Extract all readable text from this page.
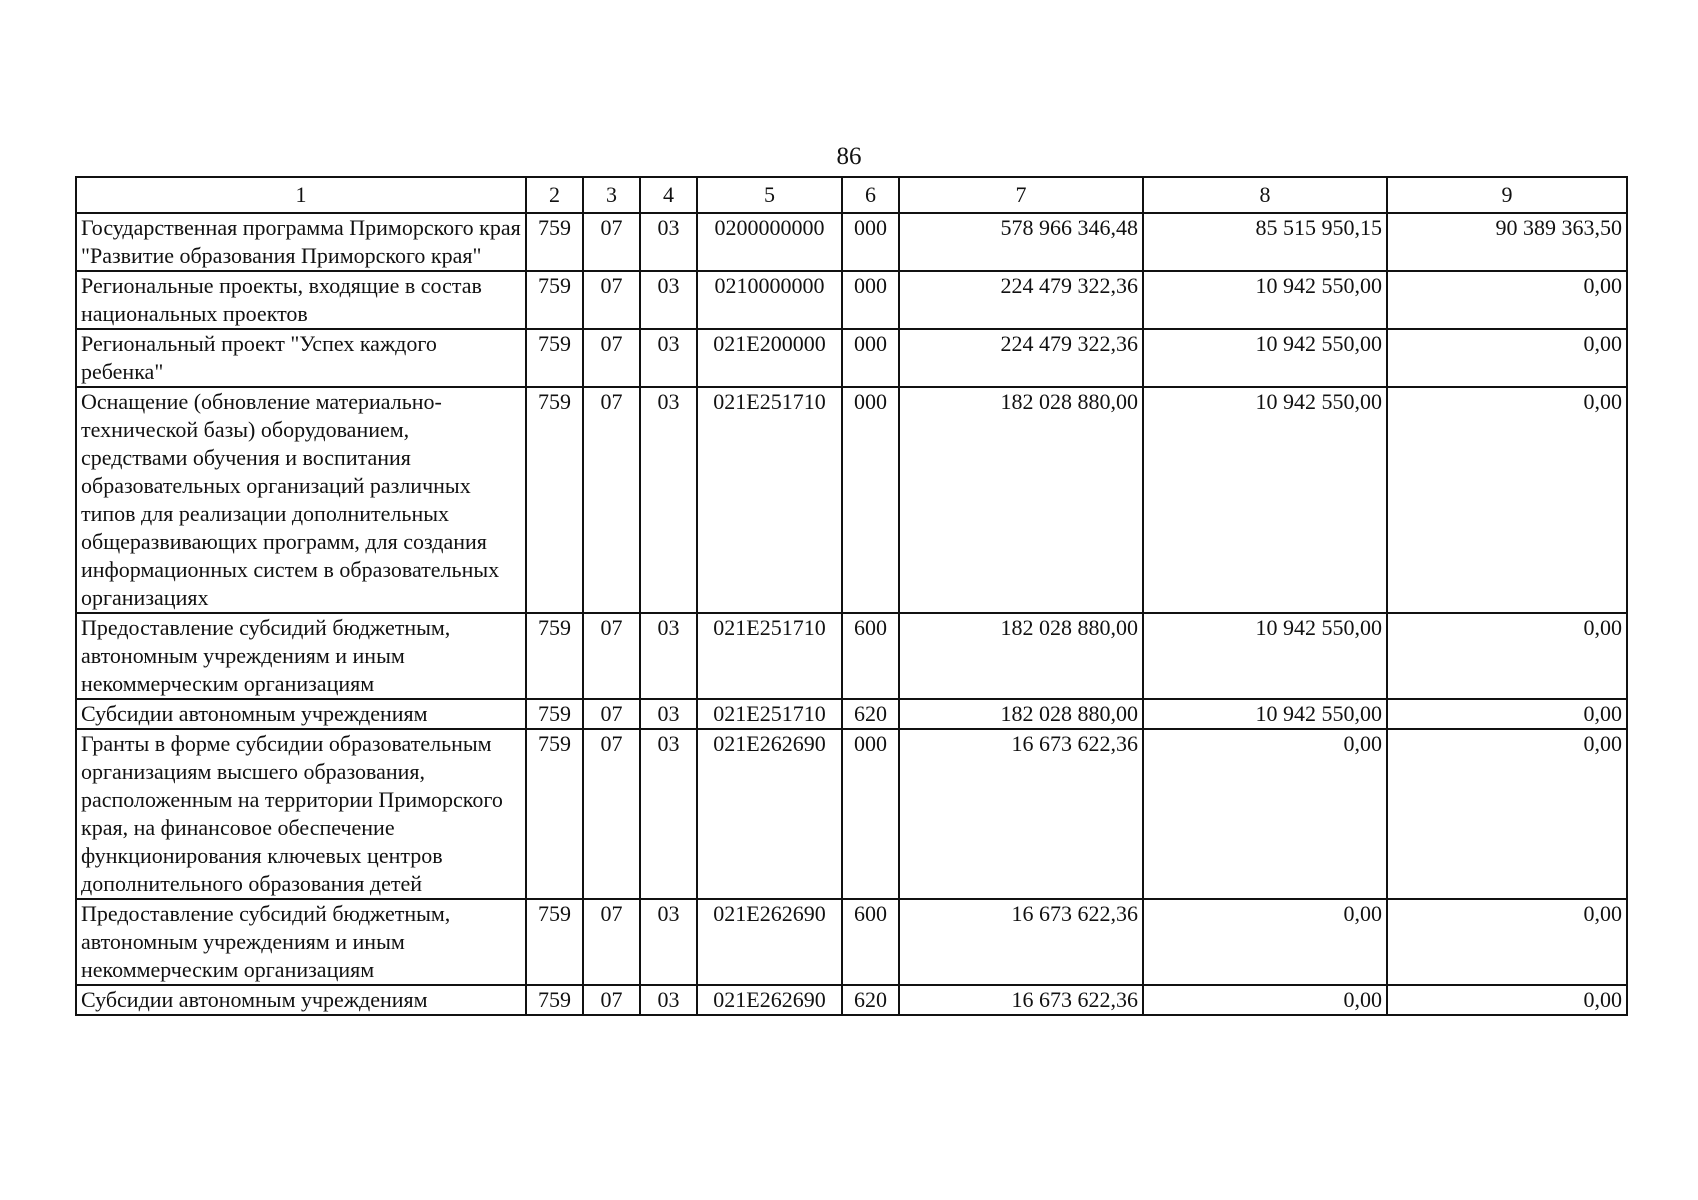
86
1	2	3	4	5	6	7	8	9
Государственная программа Приморского края "Развитие образования Приморского края"	759	07	03	0200000000	000	578 966 346,48	85 515 950,15	90 389 363,50
Региональные проекты, входящие в состав национальных проектов	759	07	03	0210000000	000	224 479 322,36	10 942 550,00	0,00
Региональный проект "Успех каждого ребенка"	759	07	03	021E200000	000	224 479 322,36	10 942 550,00	0,00
Оснащение (обновление материально-технической базы) оборудованием, средствами обучения и воспитания образовательных организаций различных типов для реализации дополнительных общеразвивающих программ, для создания информационных систем в образовательных организациях	759	07	03	021E251710	000	182 028 880,00	10 942 550,00	0,00
Предоставление субсидий бюджетным, автономным учреждениям и иным некоммерческим организациям	759	07	03	021E251710	600	182 028 880,00	10 942 550,00	0,00
Субсидии автономным учреждениям	759	07	03	021E251710	620	182 028 880,00	10 942 550,00	0,00
Гранты в форме субсидии образовательным организациям высшего образования, расположенным на территории Приморского края, на финансовое обеспечение функционирования ключевых центров дополнительного образования детей	759	07	03	021E262690	000	16 673 622,36	0,00	0,00
Предоставление субсидий бюджетным, автономным учреждениям и иным некоммерческим организациям	759	07	03	021E262690	600	16 673 622,36	0,00	0,00
Субсидии автономным учреждениям	759	07	03	021E262690	620	16 673 622,36	0,00	0,00
